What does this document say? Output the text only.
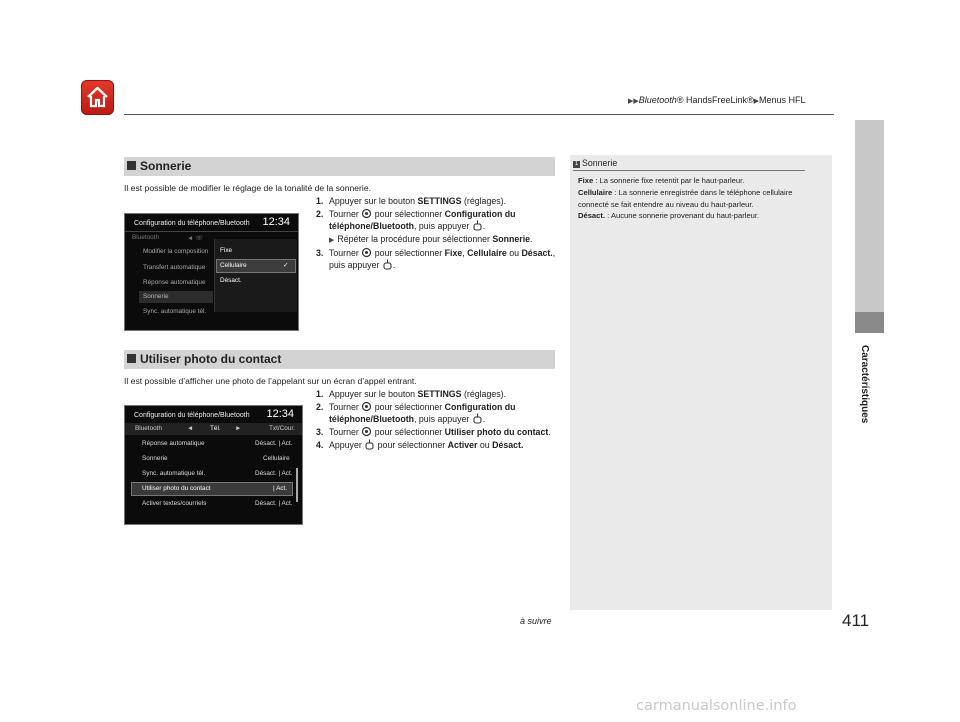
▶▶Bluetooth® HandsFreeLink®▶Menus HFL
Caractéristiques
Sonnerie
Il est possible de modifier le réglage de la tonalité de la sonnerie.
Configuration du téléphone/Bluetooth 12:34
Bluetooth	◄ ☏
Modifier la composition
Transfert automatique
Réponse automatique
Sonnerie
Sync. automatique tél.
Fixe
Cellulaire	✓
Désact.
1. Appuyer sur le bouton SETTINGS (réglages).
2. Tourner  pour sélectionner Configuration du téléphone/Bluetooth, puis appuyer .
▶ Répéter la procédure pour sélectionner Sonnerie.
3. Tourner  pour sélectionner Fixe, Cellulaire ou Désact., puis appuyer .
Utiliser photo du contact
Il est possible d’afficher une photo de l’appelant sur un écran d’appel entrant.
Configuration du téléphone/Bluetooth 12:34
Bluetooth	◄	Tél. ►	Txt/Cour.
Réponse automatique	Désact. | Act.
Sonnerie	Cellulaire
Sync. automatique tél.	Désact. | Act.
Utiliser photo du contact	| Act.
Activer textes/courriels	Désact. | Act.
1. Appuyer sur le bouton SETTINGS (réglages).
2. Tourner  pour sélectionner Configuration du téléphone/Bluetooth, puis appuyer .
3. Tourner  pour sélectionner Utiliser photo du contact.
4. Appuyer  pour sélectionner Activer ou Désact.
1 Sonnerie
Fixe : La sonnerie fixe retentit par le haut-parleur.
Cellulaire : La sonnerie enregistrée dans le téléphone cellulaire connecté se fait entendre au niveau du haut-parleur.
Désact. : Aucune sonnerie provenant du haut-parleur.
à suivre	411
carmanualsonline.info
